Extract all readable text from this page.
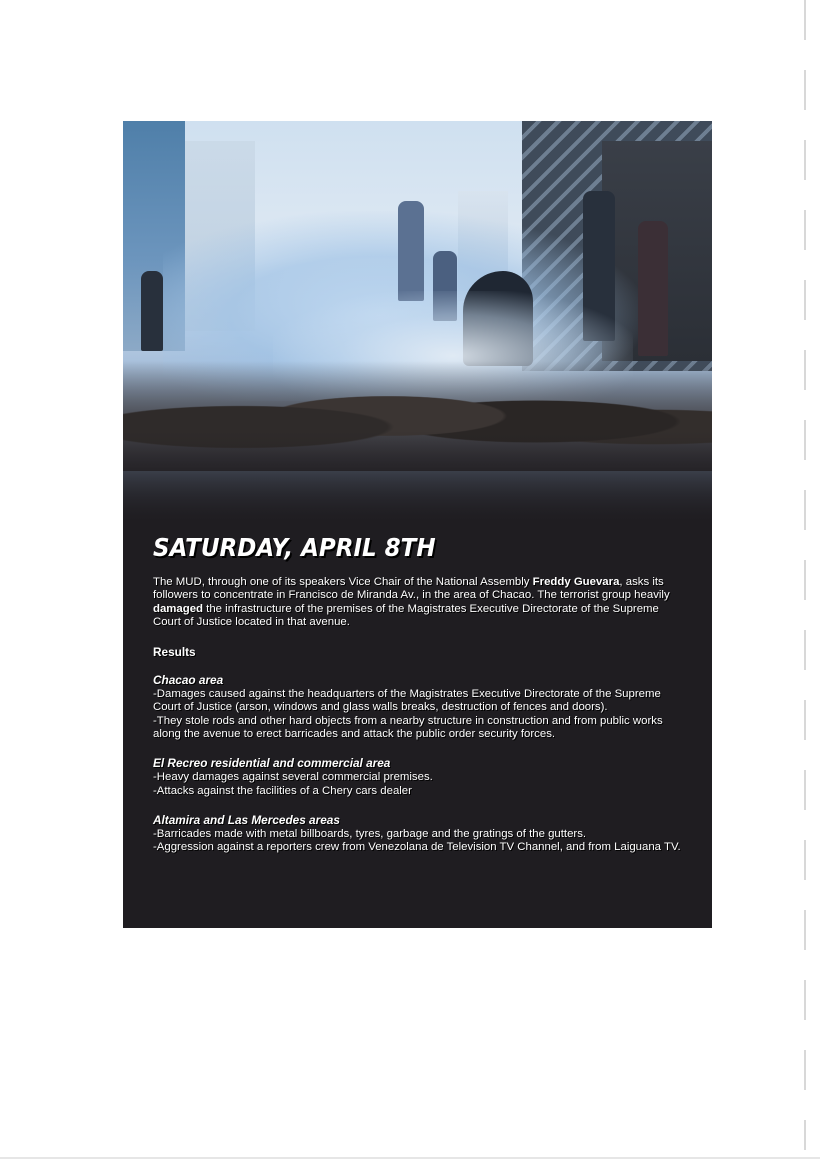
SATURDAY, APRIL 8TH

The MUD, through one of its speakers Vice Chair of the National Assembly Freddy Guevara, asks its followers to concentrate in Francisco de Miranda Av., in the area of Chacao. The terrorist group heavily damaged the infrastructure of the premises of the Magistrates Executive Directorate of the Supreme Court of Justice located in that avenue.

Results
Chacao area

-Damages caused against the headquarters of the Magistrates Executive Directorate of the Supreme Court of Justice (arson, windows and glass walls breaks, destruction of fences and doors).

-They stole rods and other hard objects from a nearby structure in construction and from public works along the avenue to erect barricades and attack the public order security forces.

El Recreo residential and commercial area

-Heavy damages against several commercial premises.

-Attacks against the facilities of a Chery cars dealer

Altamira and Las Mercedes areas

-Barricades made with metal billboards, tyres, garbage and the gratings of the gutters.

-Aggression against a reporters crew from Venezolana de Television TV Channel, and from Laiguana TV.
